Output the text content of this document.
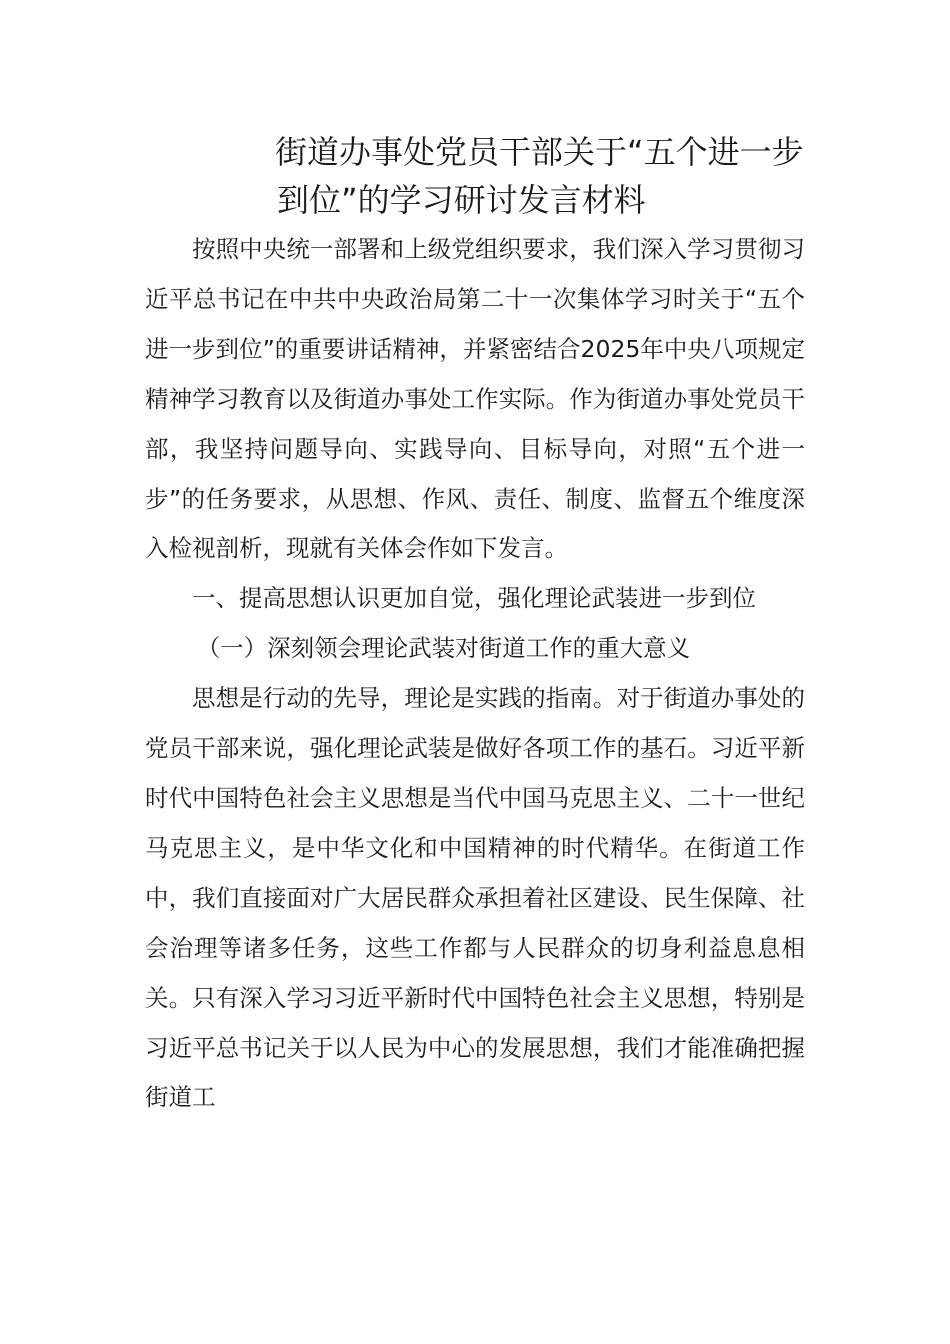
街道办事处党员干部关于“五个进一步
到位”的学习研讨发言材料

按照中央统一部署和上级党组织要求，我们深入学习贯彻习近平总书记在中共中央政治局第二十一次集体学习时关于“五个进一步到位”的重要讲话精神，并紧密结合2025年中央八项规定精神学习教育以及街道办事处工作实际。作为街道办事处党员干部，我坚持问题导向、实践导向、目标导向，对照“五个进一步”的任务要求，从思想、作风、责任、制度、监督五个维度深入检视剖析，现就有关体会作如下发言。

一、提高思想认识更加自觉，强化理论武装进一步到位

（一）深刻领会理论武装对街道工作的重大意义

思想是行动的先导，理论是实践的指南。对于街道办事处的党员干部来说，强化理论武装是做好各项工作的基石。习近平新时代中国特色社会主义思想是当代中国马克思主义、二十一世纪马克思主义，是中华文化和中国精神的时代精华。在街道工作中，我们直接面对广大居民群众承担着社区建设、民生保障、社会治理等诸多任务，这些工作都与人民群众的切身利益息息相关。只有深入学习习近平新时代中国特色社会主义思想，特别是习近平总书记关于以人民为中心的发展思想，我们才能准确把握街道工
